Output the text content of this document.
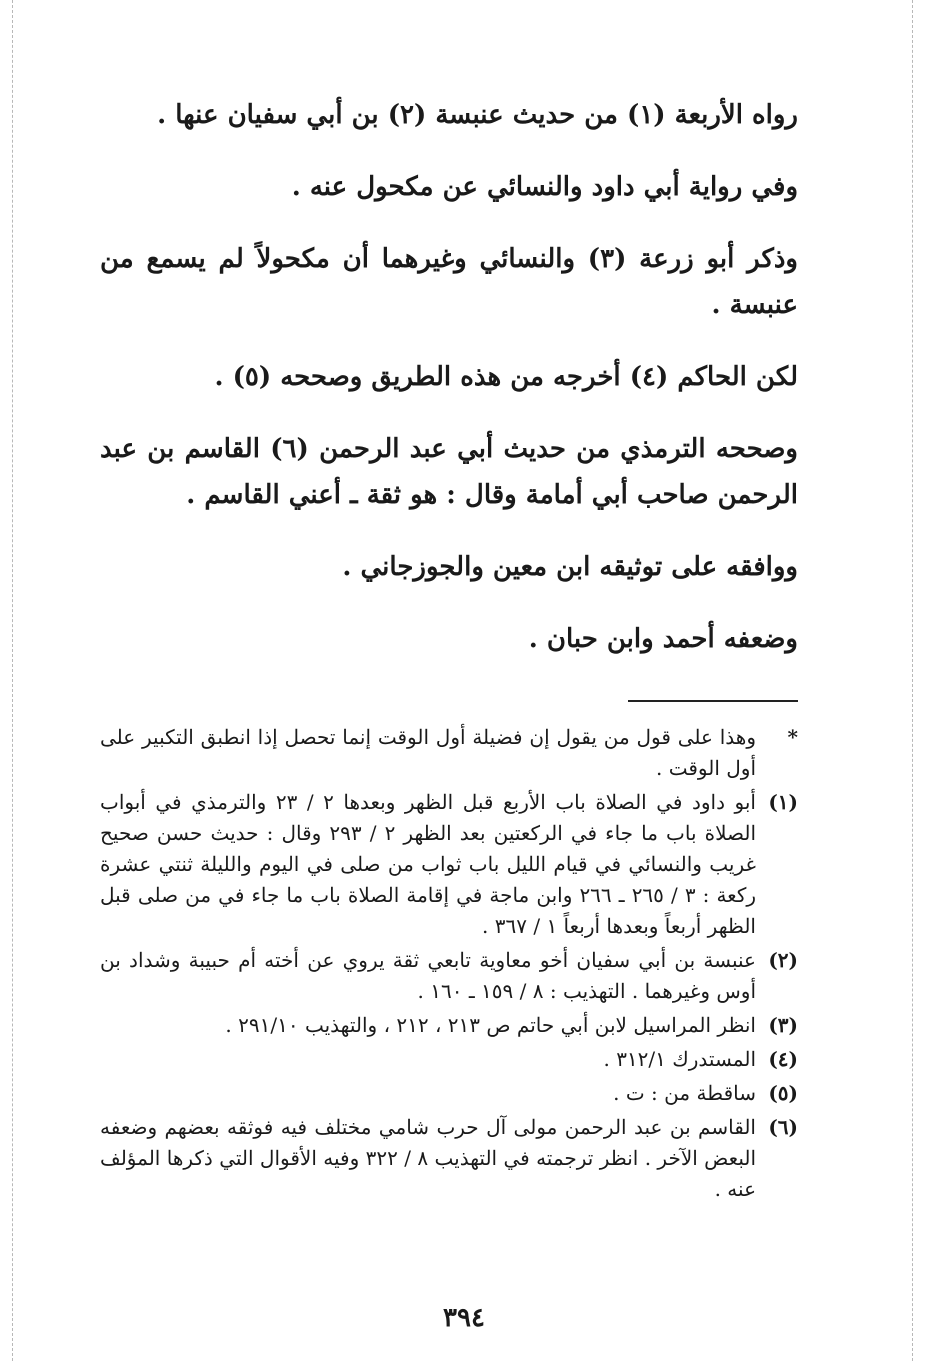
رواه الأربعة (١) من حديث عنبسة (٢) بن أبي سفيان عنها .

وفي رواية أبي داود والنسائي عن مكحول عنه .

وذكر أبو زرعة (٣) والنسائي وغيرهما أن مكحولاً لم يسمع من عنبسة .

لكن الحاكم (٤) أخرجه من هذه الطريق وصححه (٥) .

وصححه الترمذي من حديث أبي عبد الرحمن (٦) القاسم بن عبد الرحمن صاحب أبي أمامة وقال : هو ثقة ـ أعني القاسم .

ووافقه على توثيقه ابن معين والجوزجاني .

وضعفه أحمد وابن حبان .

*
وهذا على قول من يقول إن فضيلة أول الوقت إنما تحصل إذا انطبق التكبير على أول الوقت .
(١)
أبو داود في الصلاة باب الأربع قبل الظهر وبعدها ٢ / ٢٣ والترمذي في أبواب الصلاة باب ما جاء في الركعتين بعد الظهر ٢ / ٢٩٣ وقال : حديث حسن صحيح غريب والنسائي في قيام الليل باب ثواب من صلى في اليوم والليلة ثنتي عشرة ركعة : ٣ / ٢٦٥ ـ ٢٦٦ وابن ماجة في إقامة الصلاة باب ما جاء في من صلى قبل الظهر أربعاً وبعدها أربعاً ١ / ٣٦٧ .
(٢)
عنبسة بن أبي سفيان أخو معاوية تابعي ثقة يروي عن أخته أم حبيبة وشداد بن أوس وغيرهما . التهذيب : ٨ / ١٥٩ ـ ١٦٠ .
(٣)
انظر المراسيل لابن أبي حاتم ص ٢١٣ ، ٢١٢ ، والتهذيب ٢٩١/١٠ .
(٤)
المستدرك ٣١٢/١ .
(٥)
ساقطة من : ت .
(٦)
القاسم بن عبد الرحمن مولى آل حرب شامي مختلف فيه فوثقه بعضهم وضعفه البعض الآخر . انظر ترجمته في التهذيب ٨ / ٣٢٢ وفيه الأقوال التي ذكرها المؤلف عنه .
٣٩٤
